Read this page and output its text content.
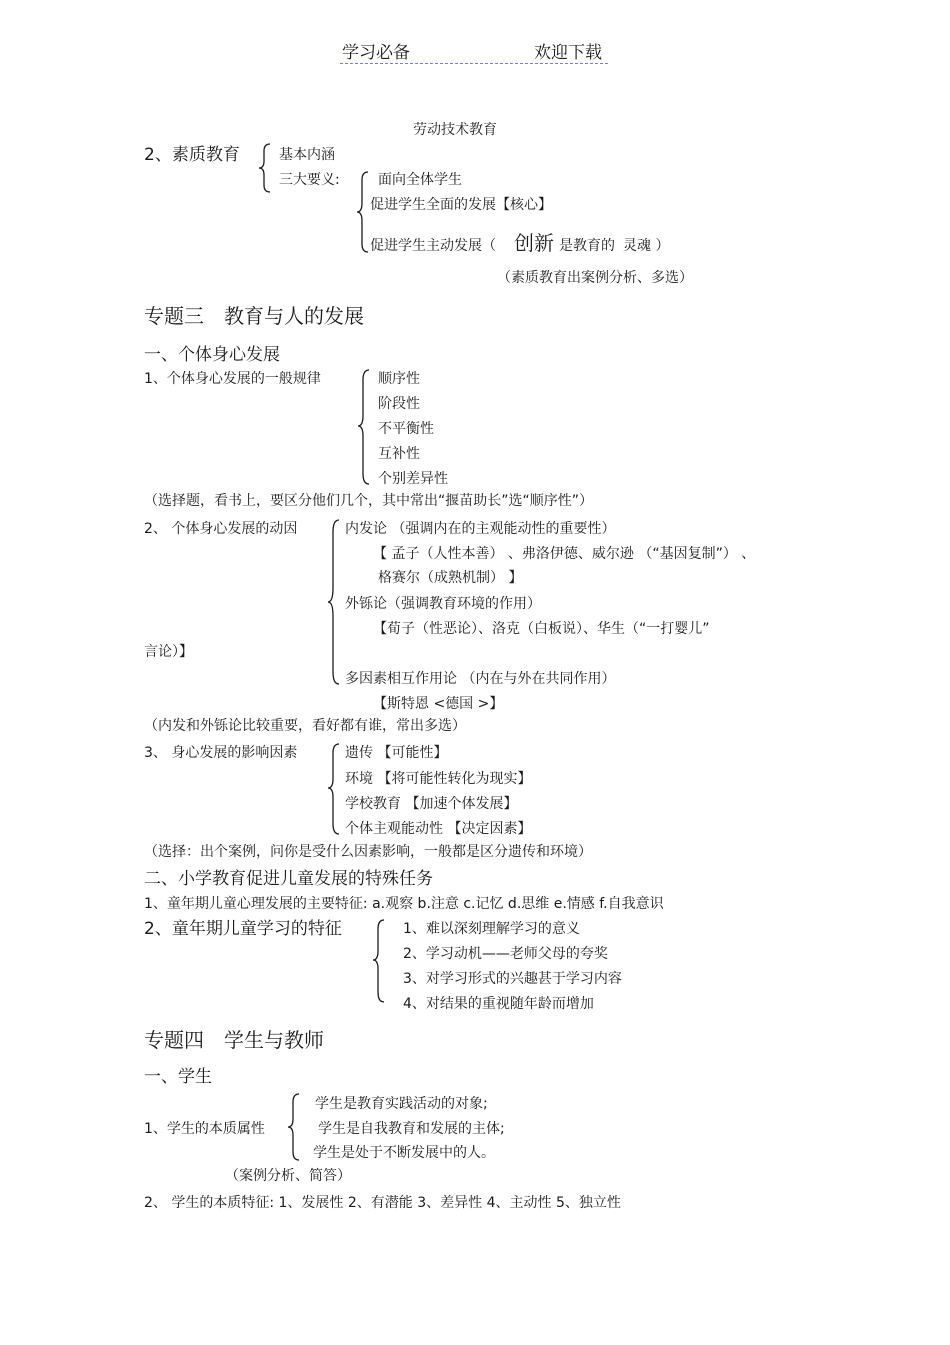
学习必备	欢迎下载
劳动技术教育
2、素质教育	基本内涵
三大要义:	面向全体学生
促进学生全面的发展【核心】
促进学生主动发展（ 创新 是教育的 灵魂 ）
（素质教育出案例分析、多选）
专题三　教育与人的发展
一、个体身心发展
1、个体身心发展的一般规律	顺序性
阶段性
不平衡性
互补性
个别差异性
（选择题，看书上，要区分他们几个，其中常出“揠苗助长”选“顺序性”）
2、 个体身心发展的动因	内发论 （强调内在的主观能动性的重要性）
【 孟子（人性本善） 、弗洛伊德、威尔逊 （“基因复制”） 、
格赛尔（成熟机制） 】
外铄论（强调教育环境的作用）
【荀子（性恶论）、洛克（白板说）、华生（“一打婴儿”
言论）】
多因素相互作用论 （内在与外在共同作用）
【斯特恩 <德国 >】
（内发和外铄论比较重要，看好都有谁，常出多选）
3、 身心发展的影响因素	遗传 【可能性】
环境 【将可能性转化为现实】
学校教育 【加速个体发展】
个体主观能动性 【决定因素】
（选择：出个案例，问你是受什么因素影响，一般都是区分遗传和环境）
二、小学教育促进儿童发展的特殊任务
1、童年期儿童心理发展的主要特征: a.观察 b.注意 c.记忆 d.思维 e.情感 f.自我意识
2、童年期儿童学习的特征	1、难以深刻理解学习的意义
2、学习动机——老师父母的夸奖
3、对学习形式的兴趣甚于学习内容
4、对结果的重视随年龄而增加
专题四　学生与教师
一、学生
1、学生的本质属性
学生是教育实践活动的对象;
学生是自我教育和发展的主体;
学生是处于不断发展中的人。
（案例分析、简答）
2、 学生的本质特征: 1、发展性 2、有潜能 3、差异性 4、主动性 5、独立性
